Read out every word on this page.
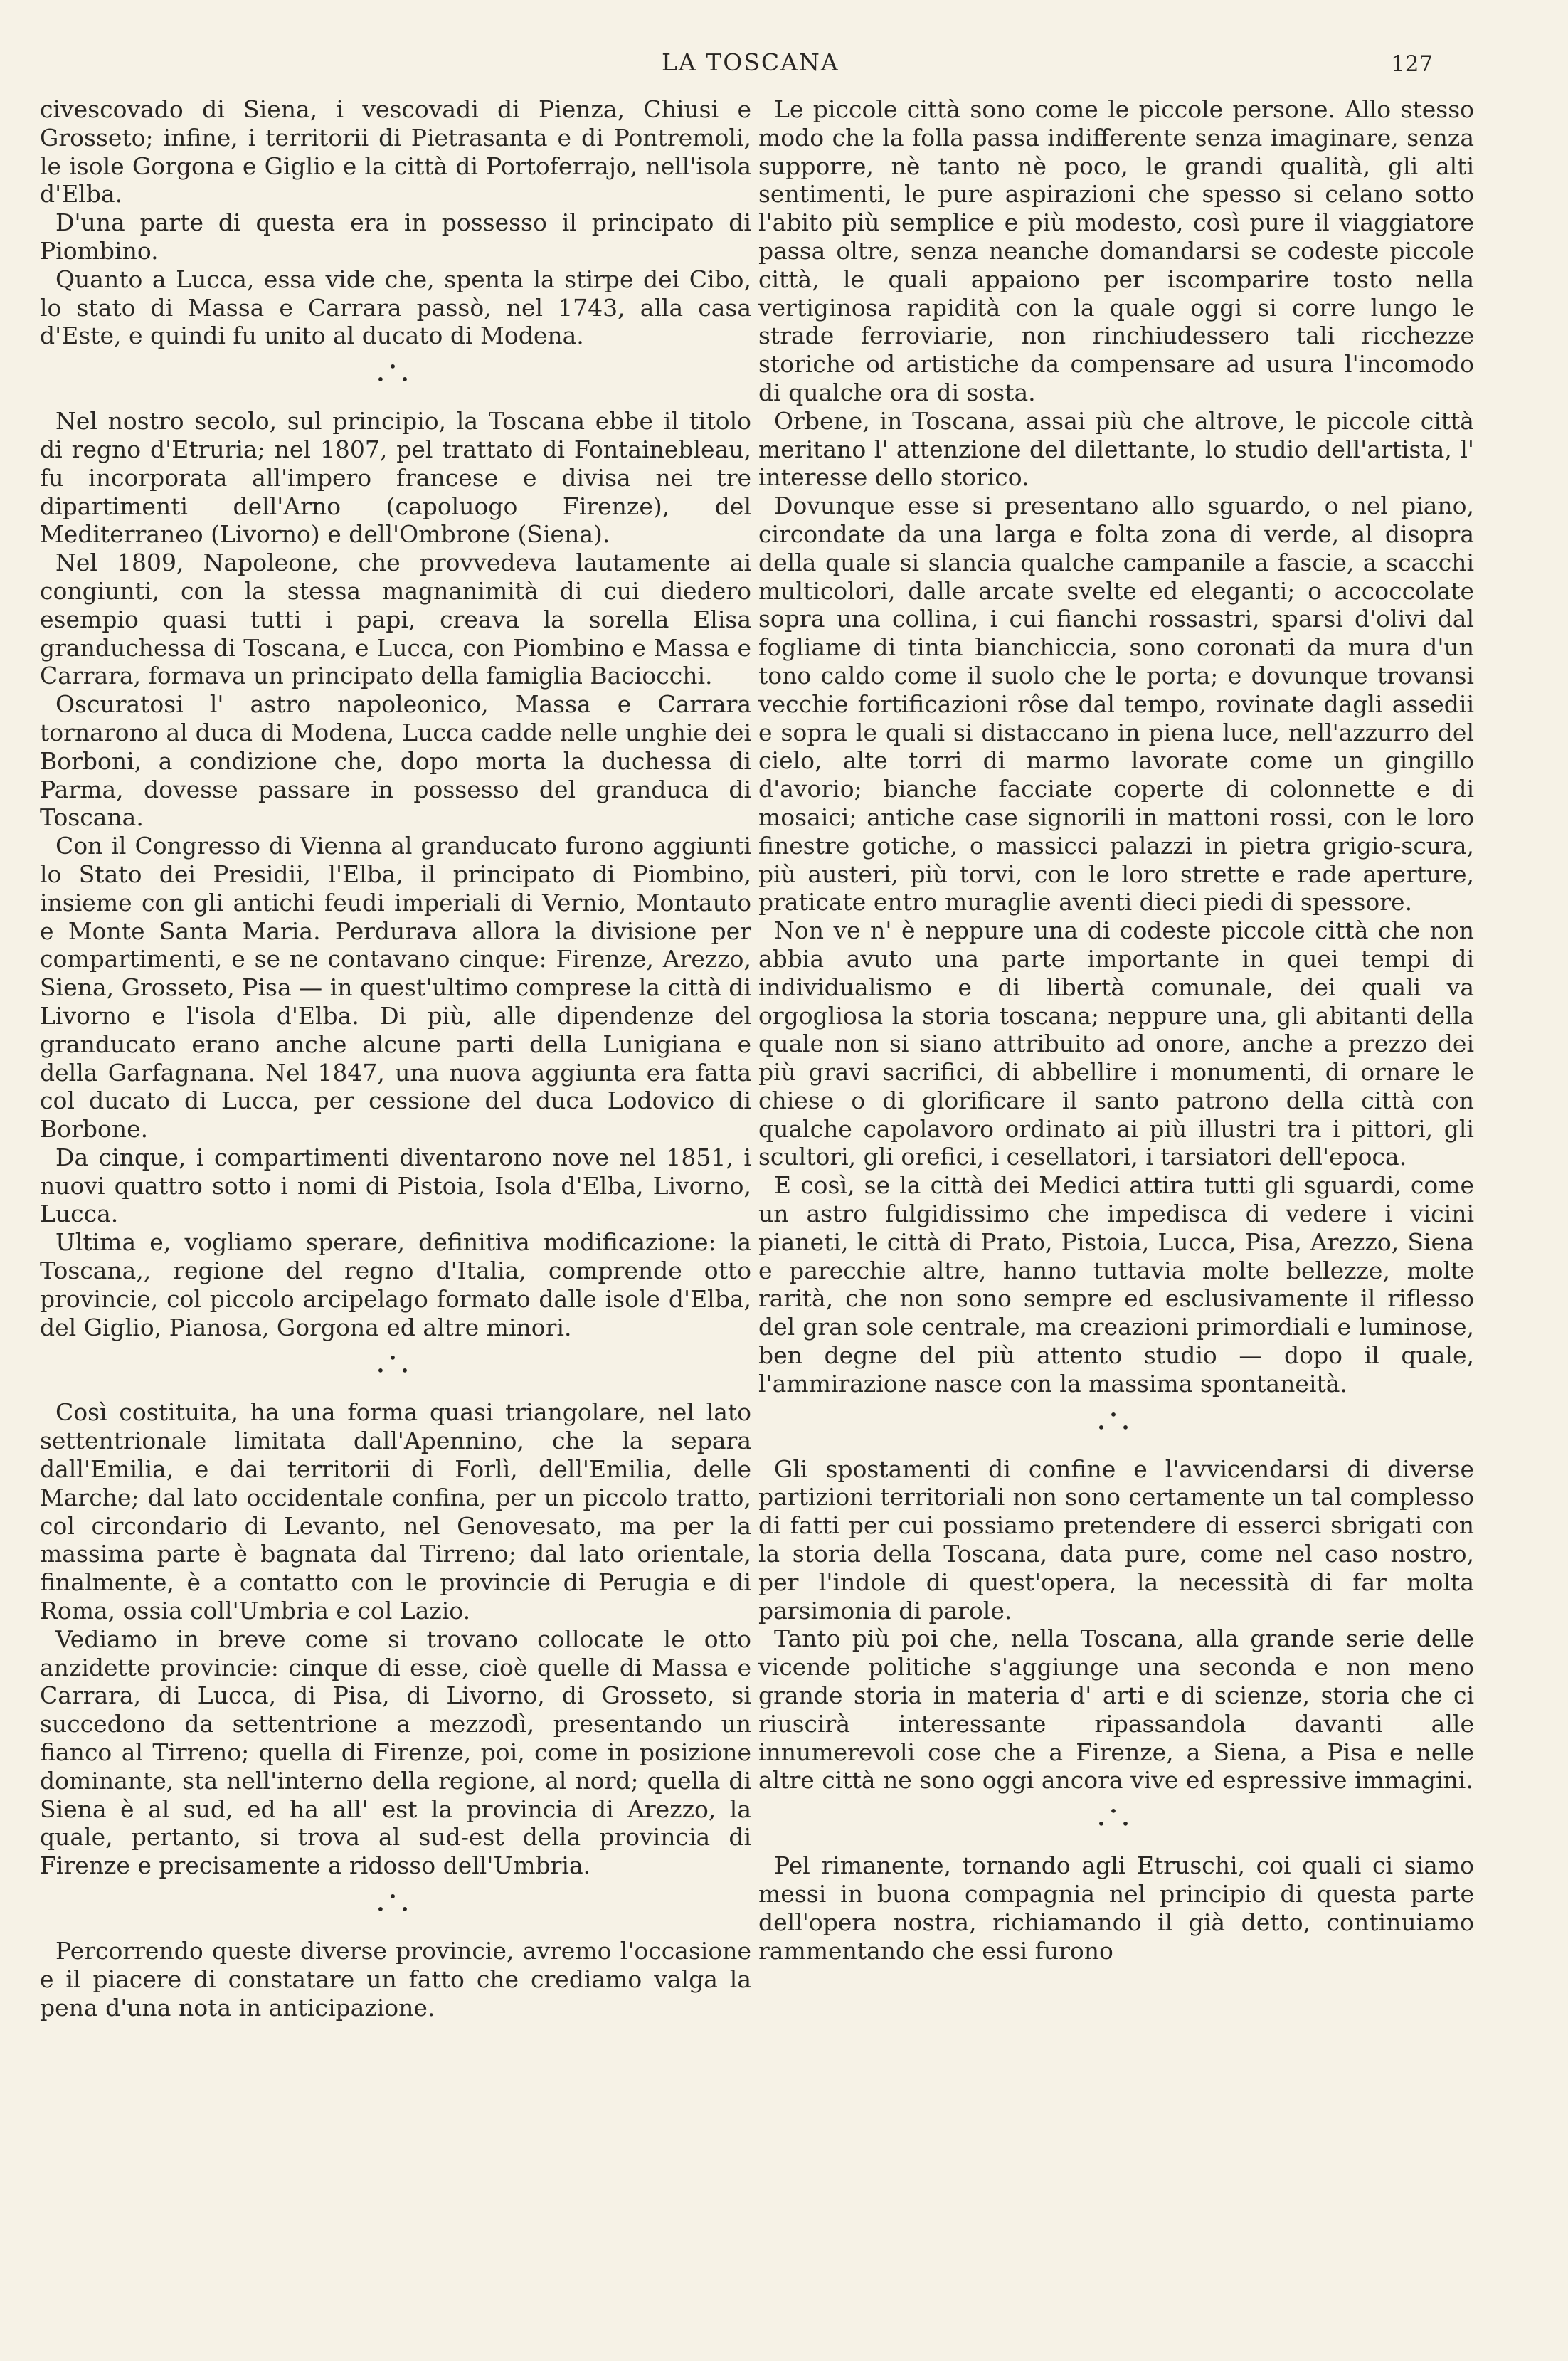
LA TOSCANA	127

civescovado di Siena, i vescovadi di Pienza, Chiusi e Grosseto; infine, i territorii di Pietrasanta e di Pontremoli, le isole Gorgona e Giglio e la città di Portoferrajo, nell'isola d'Elba.

D'una parte di questa era in possesso il principato di Piombino.

Quanto a Lucca, essa vide che, spenta la stirpe dei Cibo, lo stato di Massa e Carrara passò, nel 1743, alla casa d'Este, e quindi fu unito al ducato di Modena.

•
• •

Nel nostro secolo, sul principio, la Toscana ebbe il titolo di regno d'Etruria; nel 1807, pel trattato di Fontainebleau, fu incorporata all'impero francese e divisa nei tre dipartimenti dell'Arno (capoluogo Firenze), del Mediterraneo (Livorno) e dell'Ombrone (Siena).

Nel 1809, Napoleone, che provvedeva lautamente ai congiunti, con la stessa magnanimità di cui diedero esempio quasi tutti i papi, creava la sorella Elisa granduchessa di Toscana, e Lucca, con Piombino e Massa e Carrara, formava un principato della famiglia Baciocchi.

Oscuratosi l' astro napoleonico, Massa e Carrara tornarono al duca di Modena, Lucca cadde nelle unghie dei Borboni, a condizione che, dopo morta la duchessa di Parma, dovesse passare in possesso del granduca di Toscana.

Con il Congresso di Vienna al granducato furono aggiunti lo Stato dei Presidii, l'Elba, il principato di Piombino, insieme con gli antichi feudi imperiali di Vernio, Montauto e Monte Santa Maria. Perdurava allora la divisione per compartimenti, e se ne contavano cinque: Firenze, Arezzo, Siena, Grosseto, Pisa — in quest'ultimo comprese la città di Livorno e l'isola d'Elba. Di più, alle dipendenze del granducato erano anche alcune parti della Lunigiana e della Garfagnana. Nel 1847, una nuova aggiunta era fatta col ducato di Lucca, per cessione del duca Lodovico di Borbone.

Da cinque, i compartimenti diventarono nove nel 1851, i nuovi quattro sotto i nomi di Pistoia, Isola d'Elba, Livorno, Lucca.

Ultima e, vogliamo sperare, definitiva modificazione: la Toscana,, regione del regno d'Italia, comprende otto provincie, col piccolo arcipelago formato dalle isole d'Elba, del Giglio, Pianosa, Gorgona ed altre minori.

•
• •

Così costituita, ha una forma quasi triangolare, nel lato settentrionale limitata dall'Apennino, che la separa dall'Emilia, e dai territorii di Forlì, dell'Emilia, delle Marche; dal lato occidentale confina, per un piccolo tratto, col circondario di Levanto, nel Genovesato, ma per la massima parte è bagnata dal Tirreno; dal lato orientale, finalmente, è a contatto con le provincie di Perugia e di Roma, ossia coll'Umbria e col Lazio.

Vediamo in breve come si trovano collocate le otto anzidette provincie: cinque di esse, cioè quelle di Massa e Carrara, di Lucca, di Pisa, di Livorno, di Grosseto, si succedono da settentrione a mezzodì, presentando un fianco al Tirreno; quella di Firenze, poi, come in posizione dominante, sta nell'interno della regione, al nord; quella di Siena è al sud, ed ha all' est la provincia di Arezzo, la quale, pertanto, si trova al sud-est della provincia di Firenze e precisamente a ridosso dell'Umbria.

•
• •

Percorrendo queste diverse provincie, avremo l'occasione e il piacere di constatare un fatto che crediamo valga la pena d'una nota in anticipazione.

Le piccole città sono come le piccole persone. Allo stesso modo che la folla passa indifferente senza imaginare, senza supporre, nè tanto nè poco, le grandi qualità, gli alti sentimenti, le pure aspirazioni che spesso si celano sotto l'abito più semplice e più modesto, così pure il viaggiatore passa oltre, senza neanche domandarsi se codeste piccole città, le quali appaiono per iscomparire tosto nella vertiginosa rapidità con la quale oggi si corre lungo le strade ferroviarie, non rinchiudessero tali ricchezze storiche od artistiche da compensare ad usura l'incomodo di qualche ora di sosta.

Orbene, in Toscana, assai più che altrove, le piccole città meritano l' attenzione del dilettante, lo studio dell'artista, l' interesse dello storico.

Dovunque esse si presentano allo sguardo, o nel piano, circondate da una larga e folta zona di verde, al disopra della quale si slancia qualche campanile a fascie, a scacchi multicolori, dalle arcate svelte ed eleganti; o accoccolate sopra una collina, i cui fianchi rossastri, sparsi d'olivi dal fogliame di tinta bianchiccia, sono coronati da mura d'un tono caldo come il suolo che le porta; e dovunque trovansi vecchie fortificazioni rôse dal tempo, rovinate dagli assedii e sopra le quali si distaccano in piena luce, nell'azzurro del cielo, alte torri di marmo lavorate come un gingillo d'avorio; bianche facciate coperte di colonnette e di mosaici; antiche case signorili in mattoni rossi, con le loro finestre gotiche, o massicci palazzi in pietra grigio-scura, più austeri, più torvi, con le loro strette e rade aperture, praticate entro muraglie aventi dieci piedi di spessore.

Non ve n' è neppure una di codeste piccole città che non abbia avuto una parte importante in quei tempi di individualismo e di libertà comunale, dei quali va orgogliosa la storia toscana; neppure una, gli abitanti della quale non si siano attribuito ad onore, anche a prezzo dei più gravi sacrifici, di abbellire i monumenti, di ornare le chiese o di glorificare il santo patrono della città con qualche capolavoro ordinato ai più illustri tra i pittori, gli scultori, gli orefici, i cesellatori, i tarsiatori dell'epoca.

E così, se la città dei Medici attira tutti gli sguardi, come un astro fulgidissimo che impedisca di vedere i vicini pianeti, le città di Prato, Pistoia, Lucca, Pisa, Arezzo, Siena e parecchie altre, hanno tuttavia molte bellezze, molte rarità, che non sono sempre ed esclusivamente il riflesso del gran sole centrale, ma creazioni primordiali e luminose, ben degne del più attento studio — dopo il quale, l'ammirazione nasce con la massima spontaneità.

•
• •

Gli spostamenti di confine e l'avvicendarsi di diverse partizioni territoriali non sono certamente un tal complesso di fatti per cui possiamo pretendere di esserci sbrigati con la storia della Toscana, data pure, come nel caso nostro, per l'indole di quest'opera, la necessità di far molta parsimonia di parole.

Tanto più poi che, nella Toscana, alla grande serie delle vicende politiche s'aggiunge una seconda e non meno grande storia in materia d' arti e di scienze, storia che ci riuscirà interessante ripassandola davanti alle innumerevoli cose che a Firenze, a Siena, a Pisa e nelle altre città ne sono oggi ancora vive ed espressive immagini.

•
• •

Pel rimanente, tornando agli Etruschi, coi quali ci siamo messi in buona compagnia nel principio di questa parte dell'opera nostra, richiamando il già detto, continuiamo rammentando che essi furono
